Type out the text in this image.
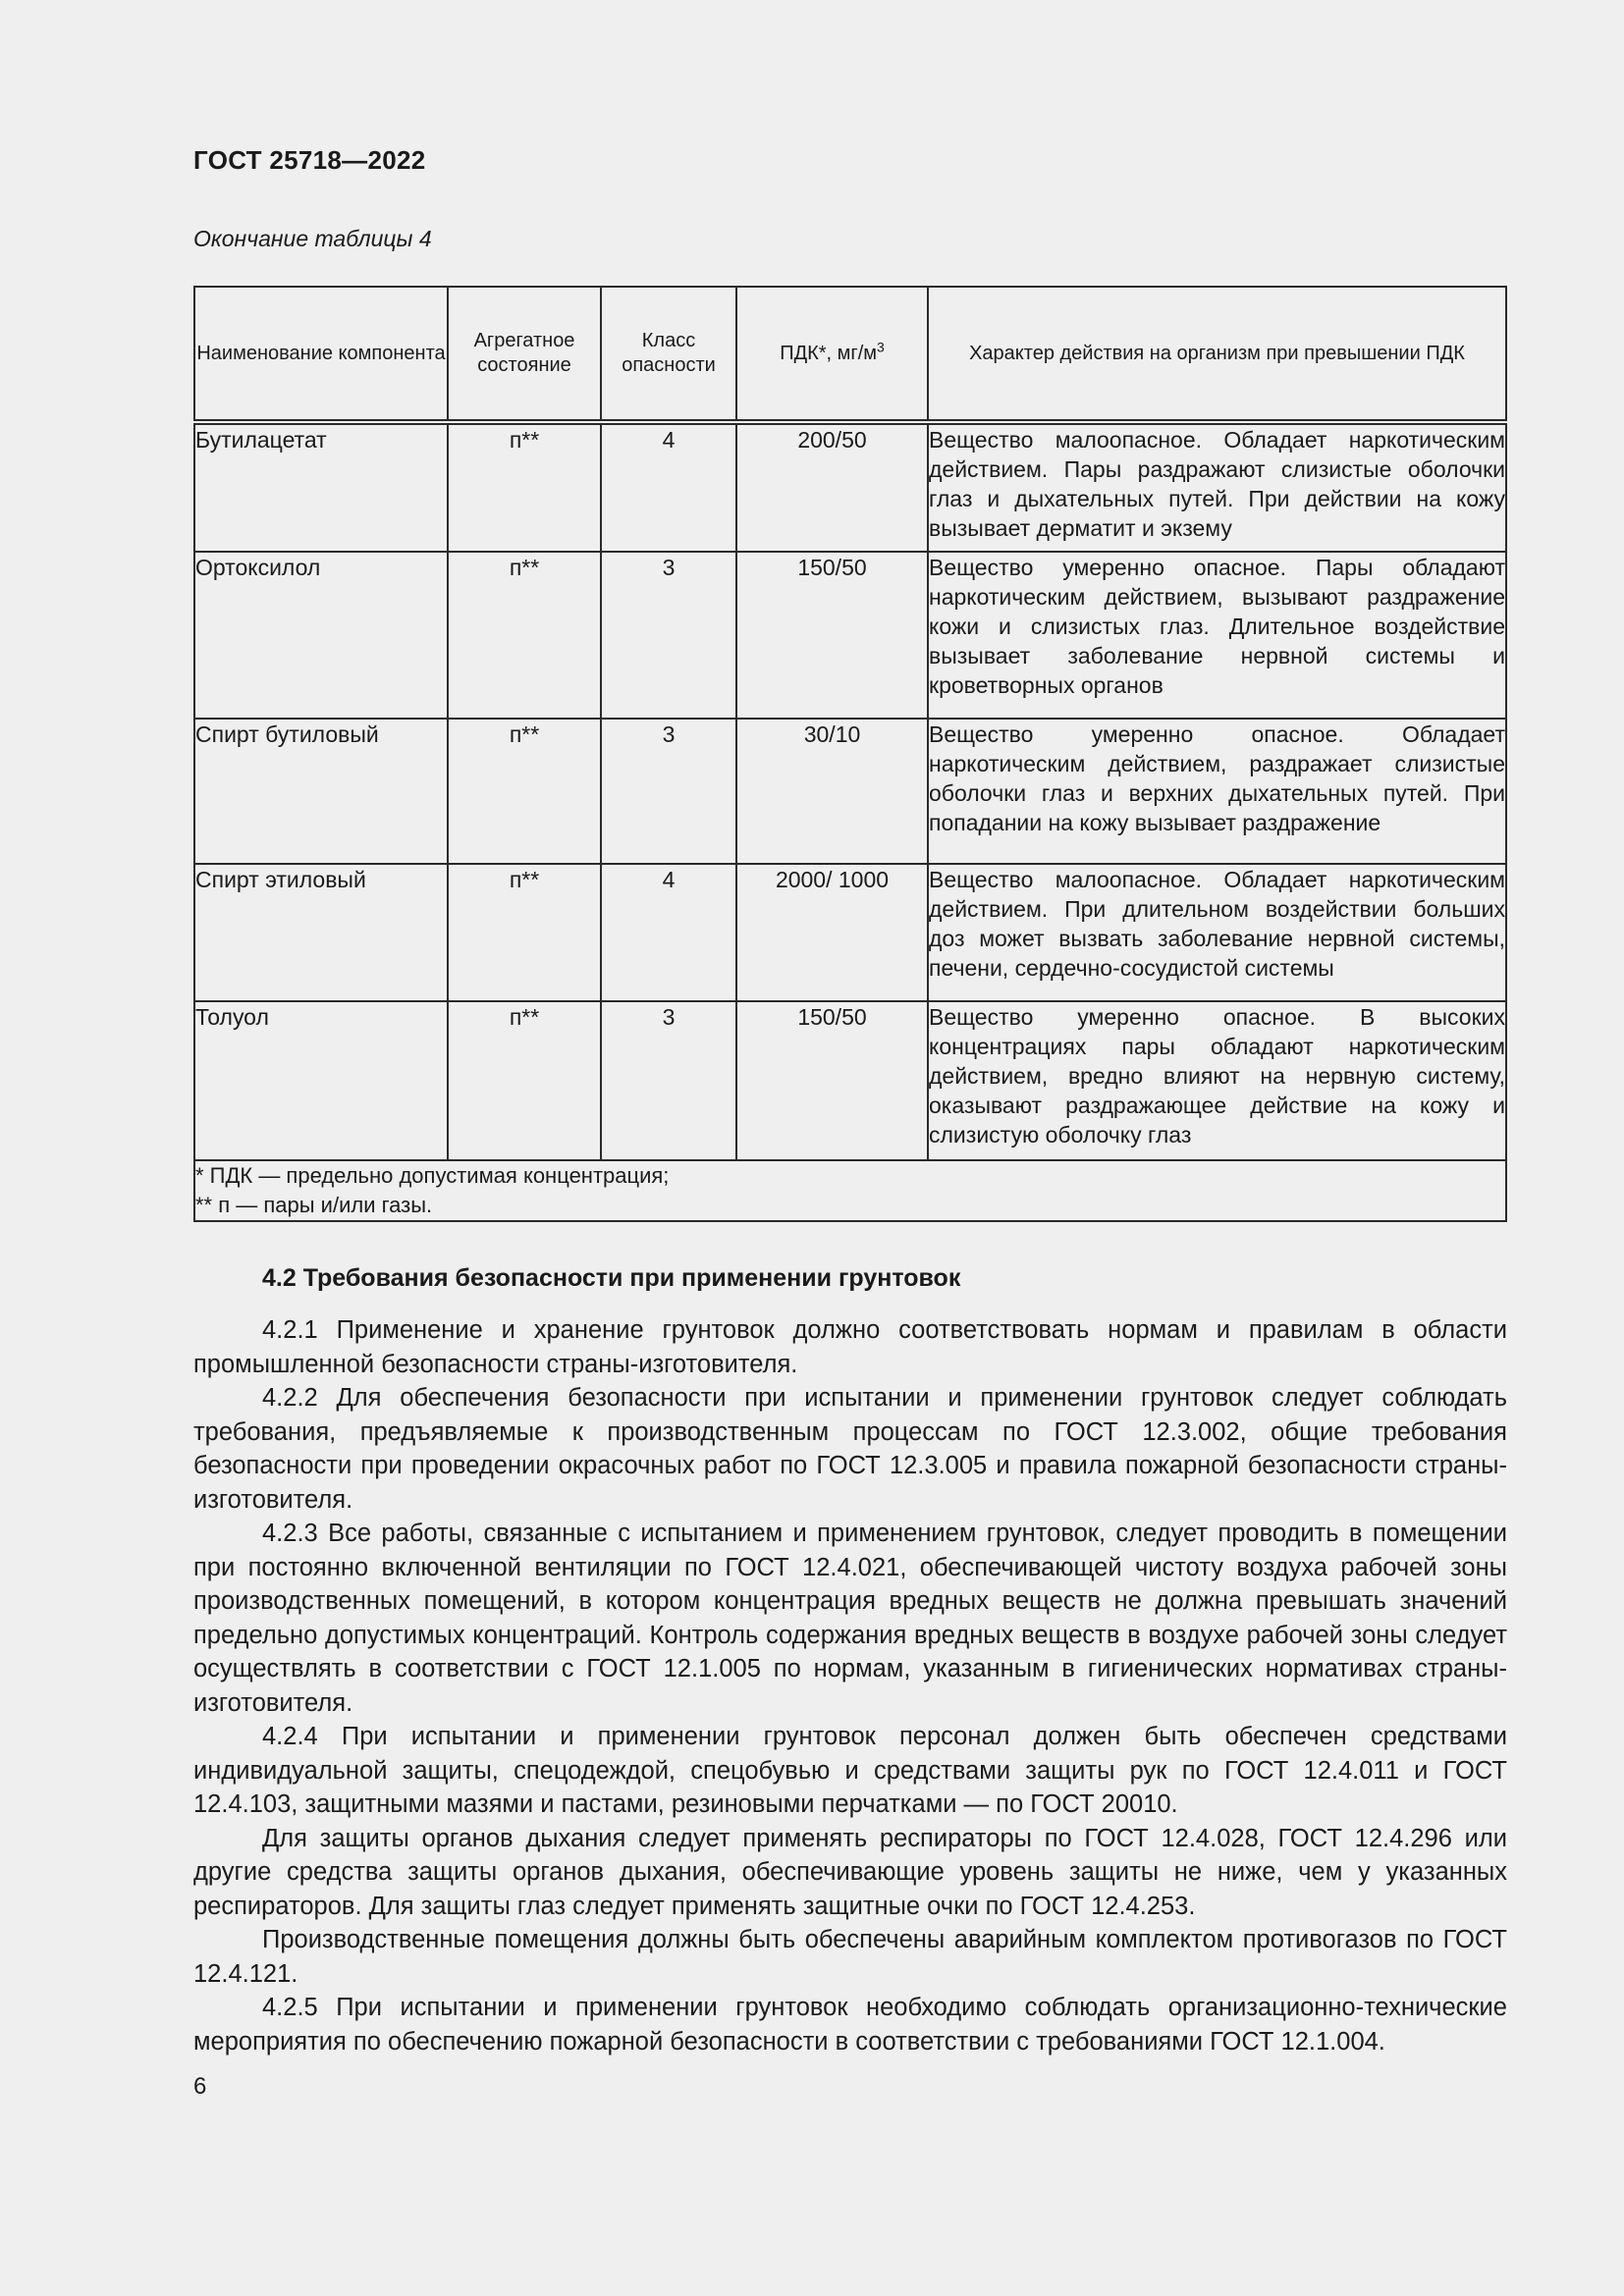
ГОСТ 25718—2022
Окончание таблицы 4
Наименование компонента	Агрегатное состояние	Класс опасности	ПДК*, $мг/м^3$	Характер действия на организм при превышении ПДК
Бутилацетат	п**	4	200/50	Вещество малоопасное. Обладает наркотическим действием. Пары раздражают слизистые оболочки глаз и дыхательных путей. При действии на кожу вызывает дерматит и экзему
Ортоксилол	п**	3	150/50	Вещество умеренно опасное. Пары обладают наркотическим действием, вызывают раздражение кожи и слизистых глаз. Длительное воздействие вызывает заболевание нервной системы и кроветворных органов
Спирт бутиловый	п**	3	30/10	Вещество умеренно опасное. Обладает наркотическим действием, раздражает слизистые оболочки глаз и верхних дыхательных путей. При попадании на кожу вызывает раздражение
Спирт этиловый	п**	4	2000/ 1000	Вещество малоопасное. Обладает наркотическим действием. При длительном воздействии больших доз может вызвать заболевание нервной системы, печени, сердечно-сосудистой системы
Толуол	п**	3	150/50	Вещество умеренно опасное. В высоких концентрациях пары обладают наркотическим действием, вредно влияют на нервную систему, оказывают раздражающее действие на кожу и слизистую оболочку глаз

* ПДК — предельно допустимая концентрация;
** п — пары и/или газы.				
4.2 Требования безопасности при применении грунтовок

4.2.1 Применение и хранение грунтовок должно соответствовать нормам и правилам в области промышленной безопасности страны-изготовителя.

4.2.2 Для обеспечения безопасности при испытании и применении грунтовок следует соблюдать требования, предъявляемые к производственным процессам по ГОСТ 12.3.002, общие требования безопасности при проведении окрасочных работ по ГОСТ 12.3.005 и правила пожарной безопасности страны-изготовителя.

4.2.3 Все работы, связанные с испытанием и применением грунтовок, следует проводить в помещении при постоянно включенной вентиляции по ГОСТ 12.4.021, обеспечивающей чистоту воздуха рабочей зоны производственных помещений, в котором концентрация вредных веществ не должна превышать значений предельно допустимых концентраций. Контроль содержания вредных веществ в воздухе рабочей зоны следует осуществлять в соответствии с ГОСТ 12.1.005 по нормам, указанным в гигиенических нормативах страны-изготовителя.

4.2.4 При испытании и применении грунтовок персонал должен быть обеспечен средствами индивидуальной защиты, спецодеждой, спецобувью и средствами защиты рук по ГОСТ 12.4.011 и ГОСТ 12.4.103, защитными мазями и пастами, резиновыми перчатками — по ГОСТ 20010.

Для защиты органов дыхания следует применять респираторы по ГОСТ 12.4.028, ГОСТ 12.4.296 или другие средства защиты органов дыхания, обеспечивающие уровень защиты не ниже, чем у указанных респираторов. Для защиты глаз следует применять защитные очки по ГОСТ 12.4.253.

Производственные помещения должны быть обеспечены аварийным комплектом противогазов по ГОСТ 12.4.121.

4.2.5 При испытании и применении грунтовок необходимо соблюдать организационно-технические мероприятия по обеспечению пожарной безопасности в соответствии с требованиями ГОСТ 12.1.004.

6
